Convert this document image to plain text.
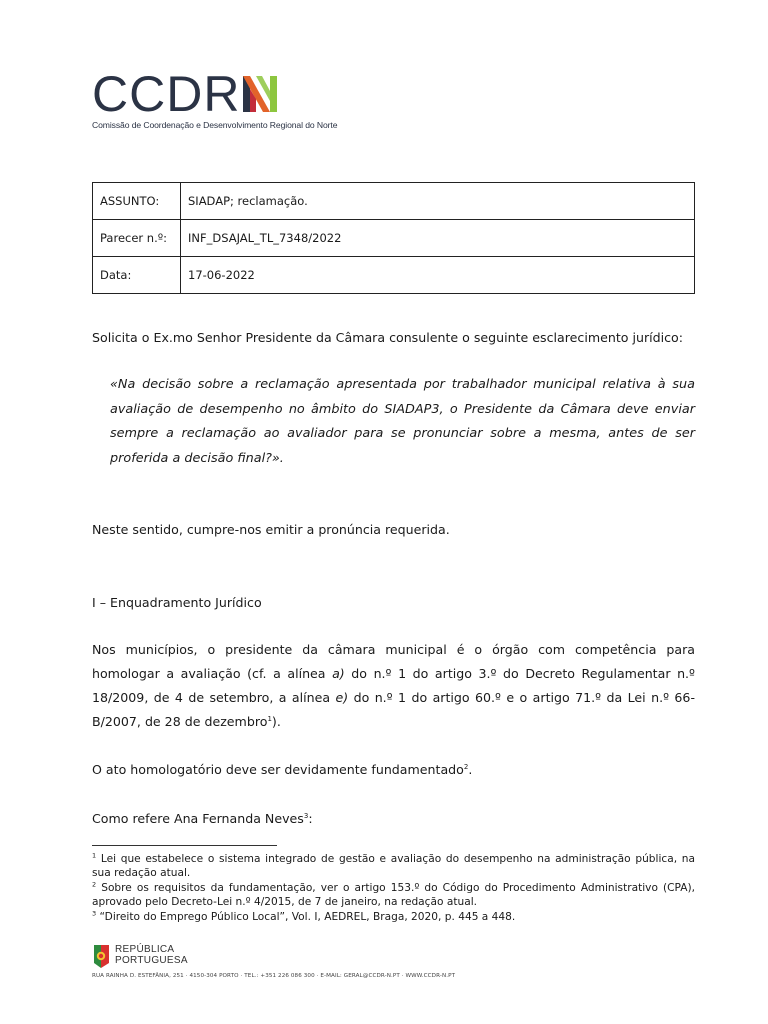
CCDR
Comissão de Coordenação e Desenvolvimento Regional do Norte
ASSUNTO:	SIADAP; reclamação.
Parecer n.º:	INF_DSAJAL_TL_7348/2022
Data:	17-06-2022
Solicita o Ex.mo Senhor Presidente da Câmara consulente o seguinte esclarecimento jurídico:
«Na decisão sobre a reclamação apresentada por trabalhador municipal relativa à sua avaliação de desempenho no âmbito do SIADAP3, o Presidente da Câmara deve enviar sempre a reclamação ao avaliador para se pronunciar sobre a mesma, antes de ser proferida a decisão final?».
Neste sentido, cumpre-nos emitir a pronúncia requerida.
I – Enquadramento Jurídico
Nos municípios, o presidente da câmara municipal é o órgão com competência para homologar a avaliação (cf. a alínea a) do n.º 1 do artigo 3.º do Decreto Regulamentar n.º 18/2009, de 4 de setembro, a alínea e) do n.º 1 do artigo 60.º e o artigo 71.º da Lei n.º 66-B/2007, de 28 de dezembro$^1$).
O ato homologatório deve ser devidamente fundamentado$^2$.
Como refere Ana Fernanda Neves$^3$:
$^1$ Lei que estabelece o sistema integrado de gestão e avaliação do desempenho na administração pública, na sua redação atual.
$^2$ Sobre os requisitos da fundamentação, ver o artigo 153.º do Código do Procedimento Administrativo (CPA), aprovado pelo Decreto-Lei n.º 4/2015, de 7 de janeiro, na redação atual.
$^3$ “Direito do Emprego Público Local”, Vol. I, AEDREL, Braga, 2020, p. 445 a 448.
REPÚBLICA
PORTUGUESA
RUA RAINHA D. ESTEFÂNIA, 251 · 4150-304 PORTO · TEL.: +351 226 086 300 · E-MAIL: GERAL@CCDR-N.PT · WWW.CCDR-N.PT
